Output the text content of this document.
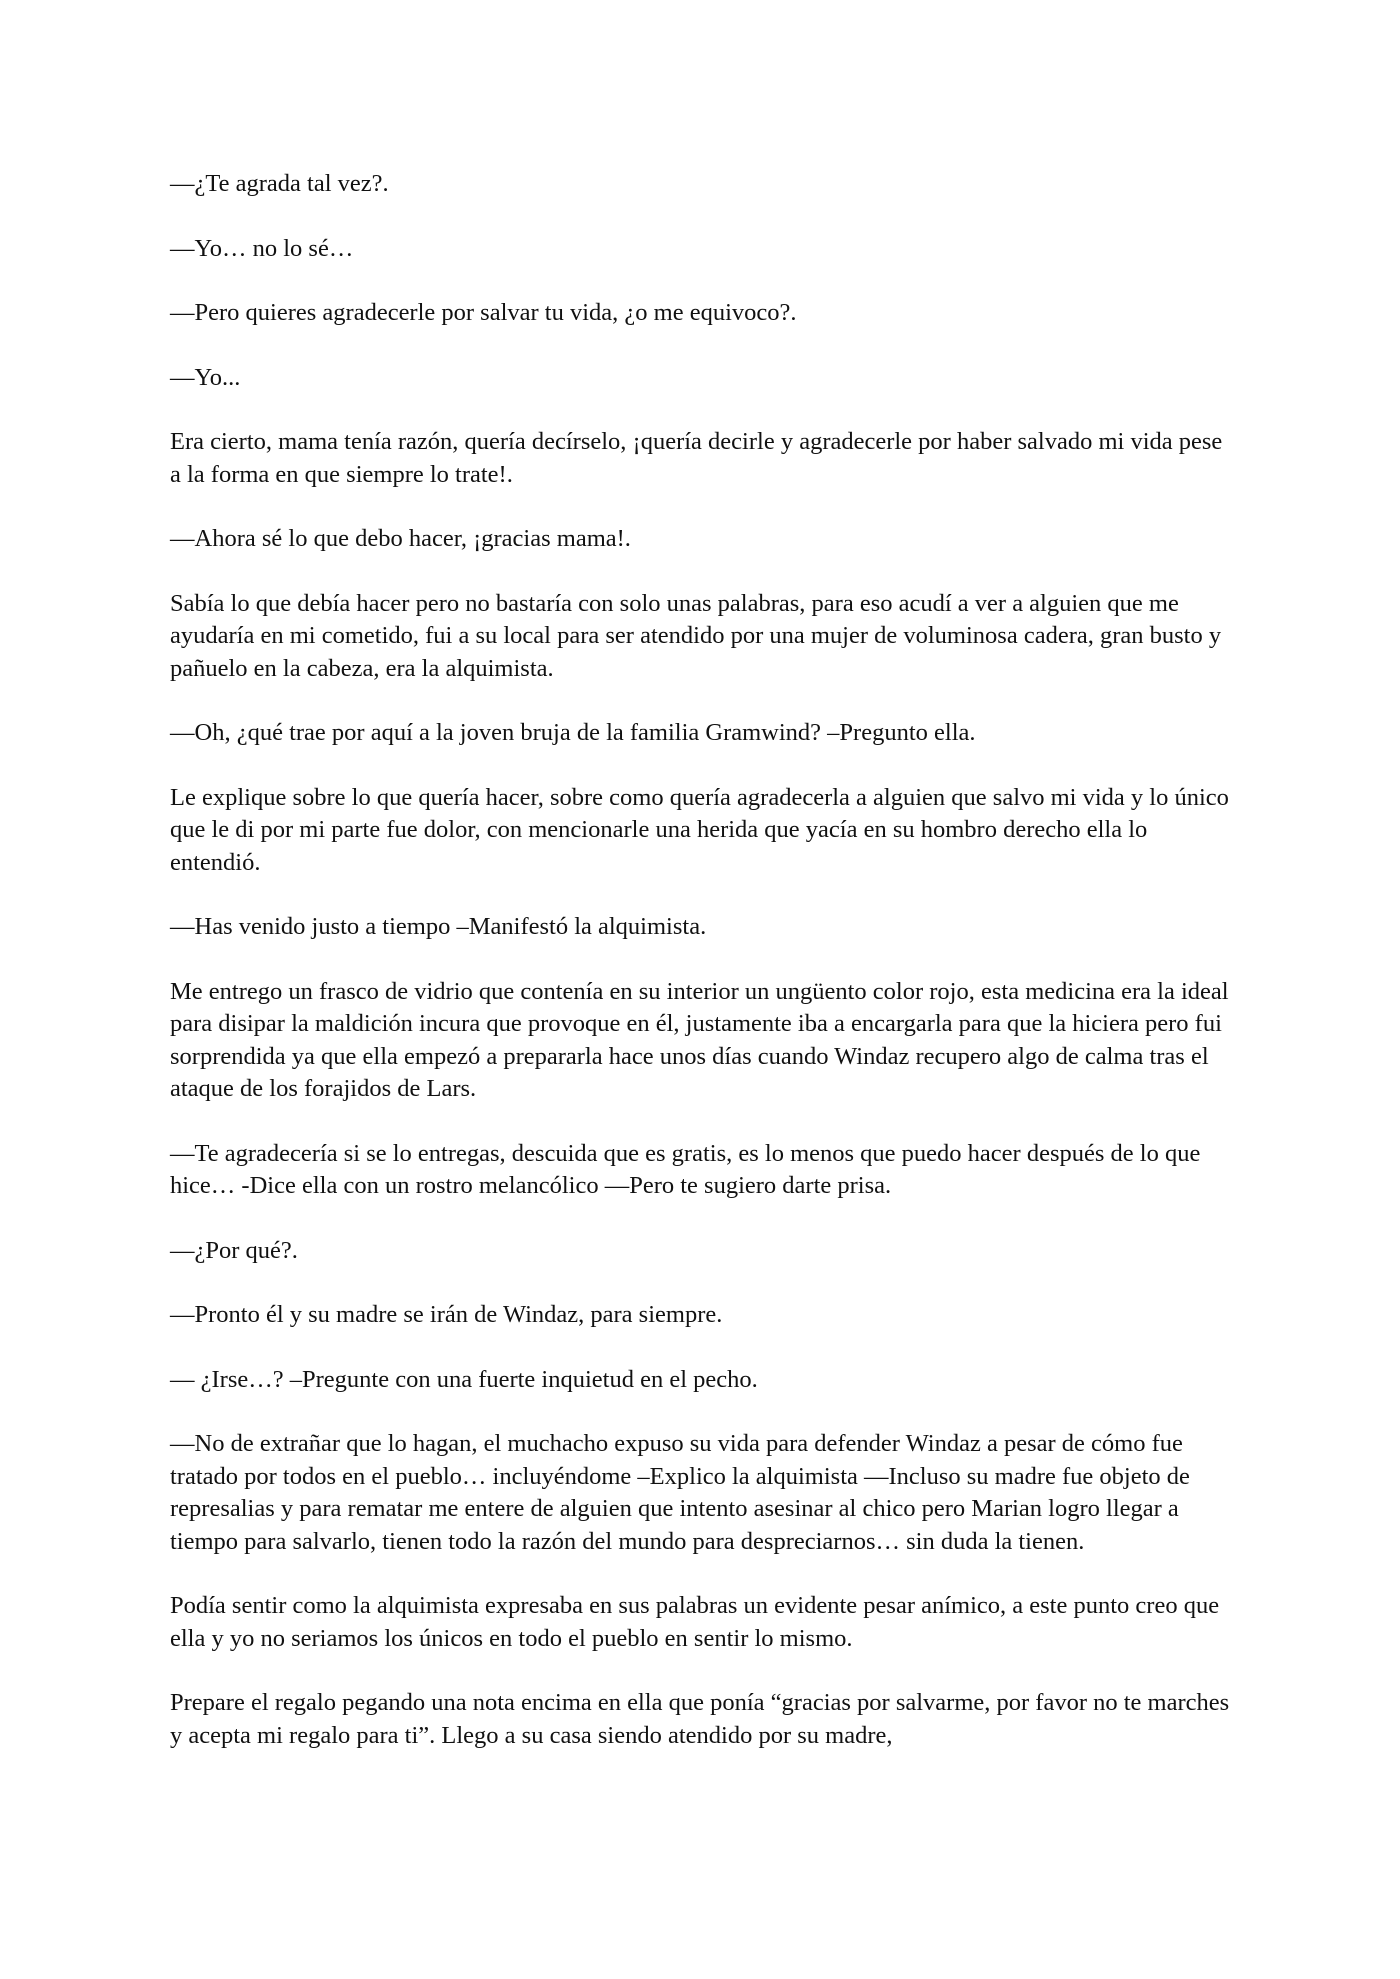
—¿Te agrada tal vez?.

—Yo… no lo sé…

—Pero quieres agradecerle por salvar tu vida, ¿o me equivoco?.

—Yo...

Era cierto, mama tenía razón, quería decírselo, ¡quería decirle y agradecerle por haber salvado mi vida pese a la forma en que siempre lo trate!.

—Ahora sé lo que debo hacer, ¡gracias mama!.

Sabía lo que debía hacer pero no bastaría con solo unas palabras, para eso acudí a ver a alguien que me ayudaría en mi cometido, fui a su local para ser atendido por una mujer de voluminosa cadera, gran busto y pañuelo en la cabeza, era la alquimista.

—Oh, ¿qué trae por aquí a la joven bruja de la familia Gramwind? –Pregunto ella.

Le explique sobre lo que quería hacer, sobre como quería agradecerla a alguien que salvo mi vida y lo único que le di por mi parte fue dolor, con mencionarle una herida que yacía en su hombro derecho ella lo entendió.

—Has venido justo a tiempo –Manifestó la alquimista.

Me entrego un frasco de vidrio que contenía en su interior un ungüento color rojo, esta medicina era la ideal para disipar la maldición incura que provoque en él, justamente iba a encargarla para que la hiciera pero fui sorprendida ya que ella empezó a prepararla hace unos días cuando Windaz recupero algo de calma tras el ataque de los forajidos de Lars.

—Te agradecería si se lo entregas, descuida que es gratis, es lo menos que puedo hacer después de lo que hice… -Dice ella con un rostro melancólico —Pero te sugiero darte prisa.

—¿Por qué?.

—Pronto él y su madre se irán de Windaz, para siempre.

— ¿Irse…? –Pregunte con una fuerte inquietud en el pecho.

—No de extrañar que lo hagan, el muchacho expuso su vida para defender Windaz a pesar de cómo fue tratado por todos en el pueblo… incluyéndome –Explico la alquimista —Incluso su madre fue objeto de represalias y para rematar me entere de alguien que intento asesinar al chico pero Marian logro llegar a tiempo para salvarlo, tienen todo la razón del mundo para despreciarnos… sin duda la tienen.

Podía sentir como la alquimista expresaba en sus palabras un evidente pesar anímico, a este punto creo que ella y yo no seriamos los únicos en todo el pueblo en sentir lo mismo.

Prepare el regalo pegando una nota encima en ella que ponía “gracias por salvarme, por favor no te marches y acepta mi regalo para ti”. Llego a su casa siendo atendido por su madre,
